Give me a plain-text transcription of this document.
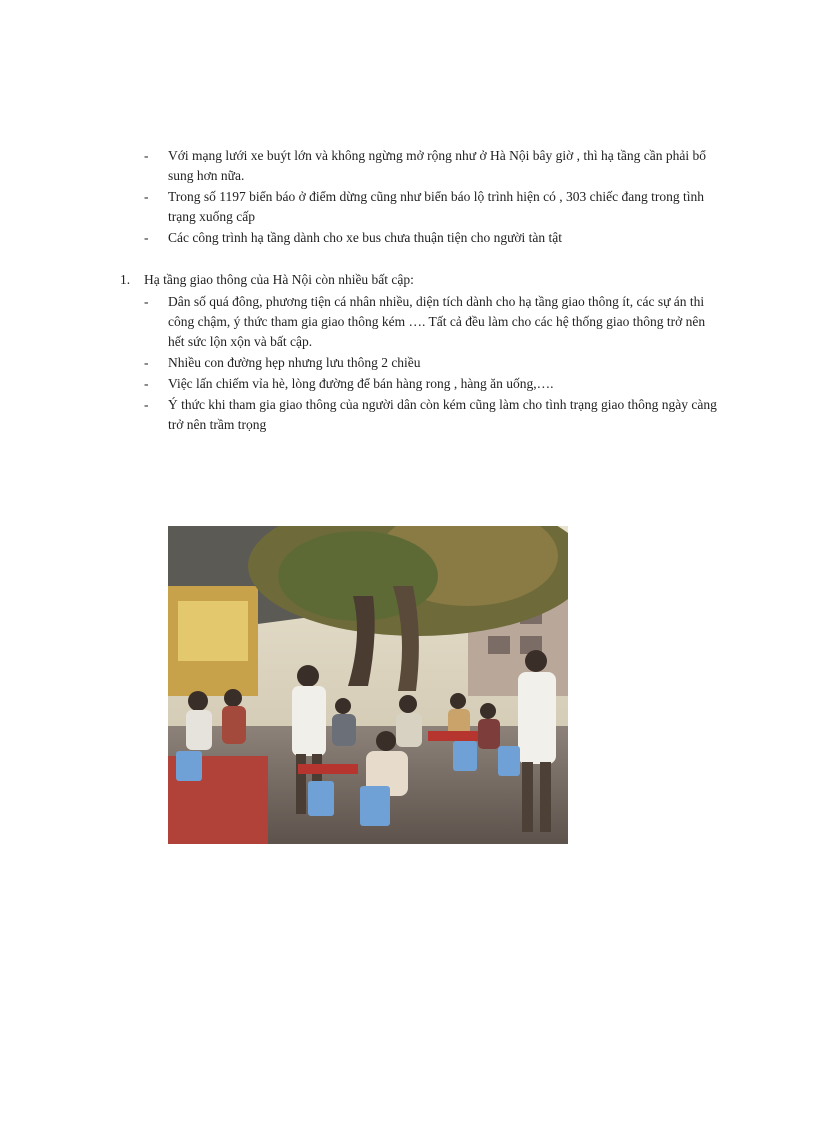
- Với mạng lưới xe buýt lớn và không ngừng mở rộng như ở Hà Nội bây giờ , thì hạ tầng cần phải bổ sung hơn nữa.
- Trong số 1197 biển báo ở điểm dừng cũng như biển báo lộ trình hiện có , 303 chiếc đang trong tình trạng xuống cấp
- Các công trình hạ tầng dành cho xe bus chưa thuận tiện cho người tàn tật
1. Hạ tầng giao thông của Hà Nội còn nhiều bất cập:
- Dân số quá đông, phương tiện cá nhân nhiều, diện tích dành cho hạ tầng giao thông ít, các sự án thi công chậm, ý thức tham gia giao thông kém …. Tất cả đều làm cho các hệ thống giao thông trở nên hết sức lộn xộn và bất cập.
- Nhiều con đường hẹp nhưng lưu thông 2 chiều
- Việc lấn chiếm vỉa hè, lòng đường để bán hàng rong , hàng ăn uống,….
- Ý thức khi tham gia giao thông của người dân còn kém cũng làm cho tình trạng giao thông ngày càng trở nên trầm trọng
